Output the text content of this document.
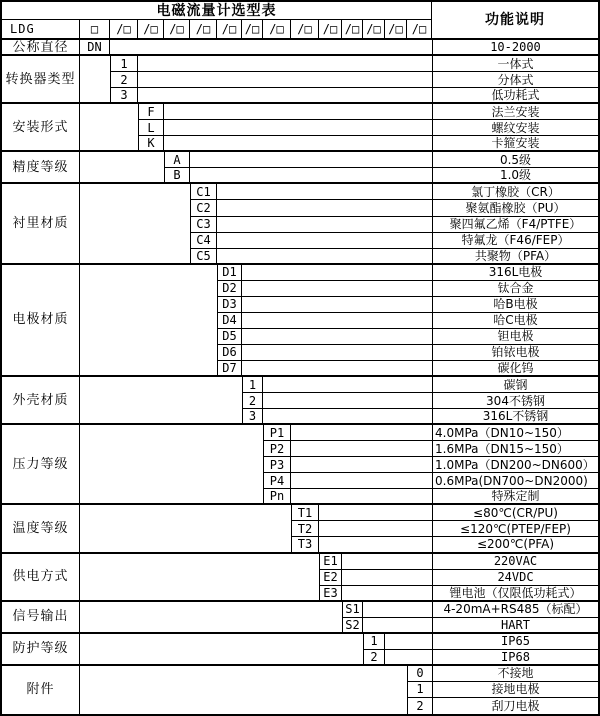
电磁流量计选型表
功能说明
LDG	□	/□	/□ /□	/□ /□ /□ /□	/□ /□ /□ /□ /□ /□
公称直径	DN	10-2000
转换器类型
1	一体式
2	分体式
3	低功耗式
安装形式
F	法兰安装
L	螺纹安装
K	卡箍安装
精度等级
A	0.5级
B	1.0级
衬里材质
C1	氯丁橡胶（CR）
C2	聚氨酯橡胶（PU）
C3	聚四氟乙烯（F4/PTFE）
C4	特氟龙（F46/FEP）
C5	共聚物（PFA）
电极材质
D1	316L电极
D2	钛合金
D3	哈B电极
D4	哈C电极
D5	钽电极
D6	铂铱电极
D7	碳化钨
外壳材质
1	碳钢
2	304不锈钢
3	316L不锈钢
压力等级
P1	4.0MPa（DN10~150）
P2	1.6MPa（DN15~150）
P3	1.0MPa（DN200~DN600）
P4	0.6MPa(DN700~DN2000)
Pn	特殊定制
温度等级
T1	≤80℃(CR/PU)
T2	≤120℃(PTEP/FEP)
T3	≤200℃(PFA)
供电方式
E1	220VAC
E2	24VDC
E3	锂电池（仅限低功耗式）
信号输出
S1	4-20mA+RS485（标配）
S2	HART
防护等级
1	IP65
2	IP68
附件
0	不接地
1	接地电极
2	刮刀电极
